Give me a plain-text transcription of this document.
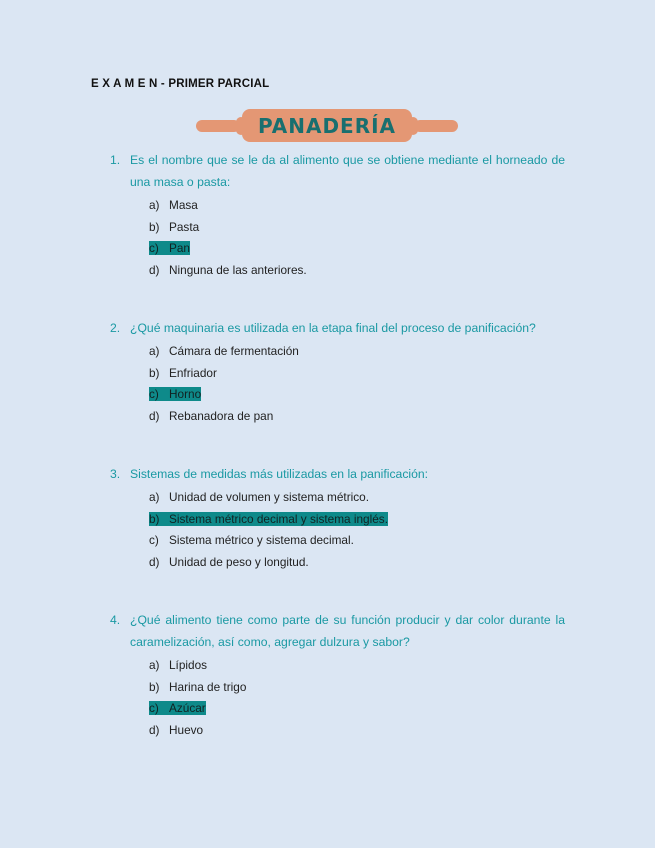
E X A M E N - PRIMER PARCIAL
PANADERÍA
1. Es el nombre que se le da al alimento que se obtiene mediante el horneado de una masa o pasta:
a) Masa
b) Pasta
c) Pan
d) Ninguna de las anteriores.
2. ¿Qué maquinaria es utilizada en la etapa final del proceso de panificación?
a) Cámara de fermentación
b) Enfriador
c) Horno
d) Rebanadora de pan
3. Sistemas de medidas más utilizadas en la panificación:
a) Unidad de volumen y sistema métrico.
b) Sistema métrico decimal y sistema inglés.
c) Sistema métrico y sistema decimal.
d) Unidad de peso y longitud.
4. ¿Qué alimento tiene como parte de su función producir y dar color durante la caramelización, así como, agregar dulzura y sabor?
a) Lípidos
b) Harina de trigo
c) Azúcar
d) Huevo
